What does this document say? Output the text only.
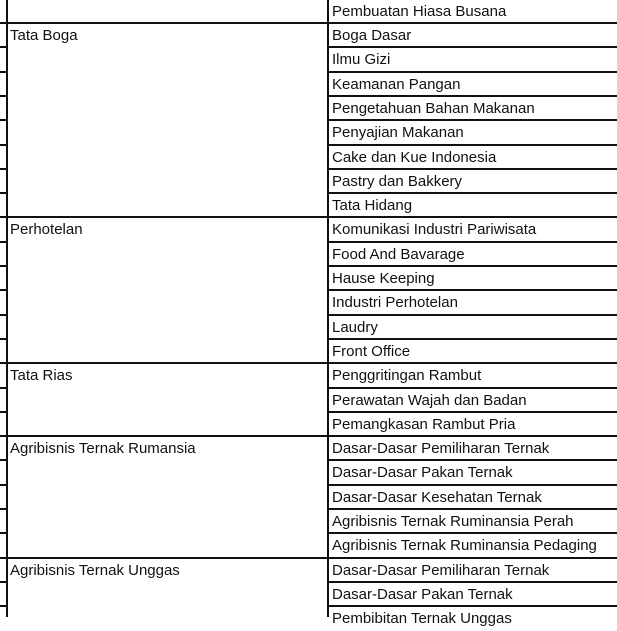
Pembuatan Hiasa Busana
Tata Boga	Boga Dasar
Ilmu Gizi
Keamanan Pangan
Pengetahuan Bahan Makanan
Penyajian Makanan
Cake dan Kue Indonesia
Pastry dan Bakkery
Tata Hidang
Perhotelan	Komunikasi Industri Pariwisata
Food And Bavarage
Hause Keeping
Industri Perhotelan
Laudry
Front Office
Tata Rias	Penggritingan Rambut
Perawatan Wajah dan Badan
Pemangkasan Rambut Pria
Agribisnis Ternak Rumansia	Dasar-Dasar Pemiliharan Ternak
Dasar-Dasar Pakan Ternak
Dasar-Dasar Kesehatan Ternak
Agribisnis Ternak Ruminansia Perah
Agribisnis Ternak Ruminansia Pedaging
Agribisnis Ternak Unggas	Dasar-Dasar Pemiliharan Ternak
Dasar-Dasar Pakan Ternak
Pembibitan Ternak Unggas
